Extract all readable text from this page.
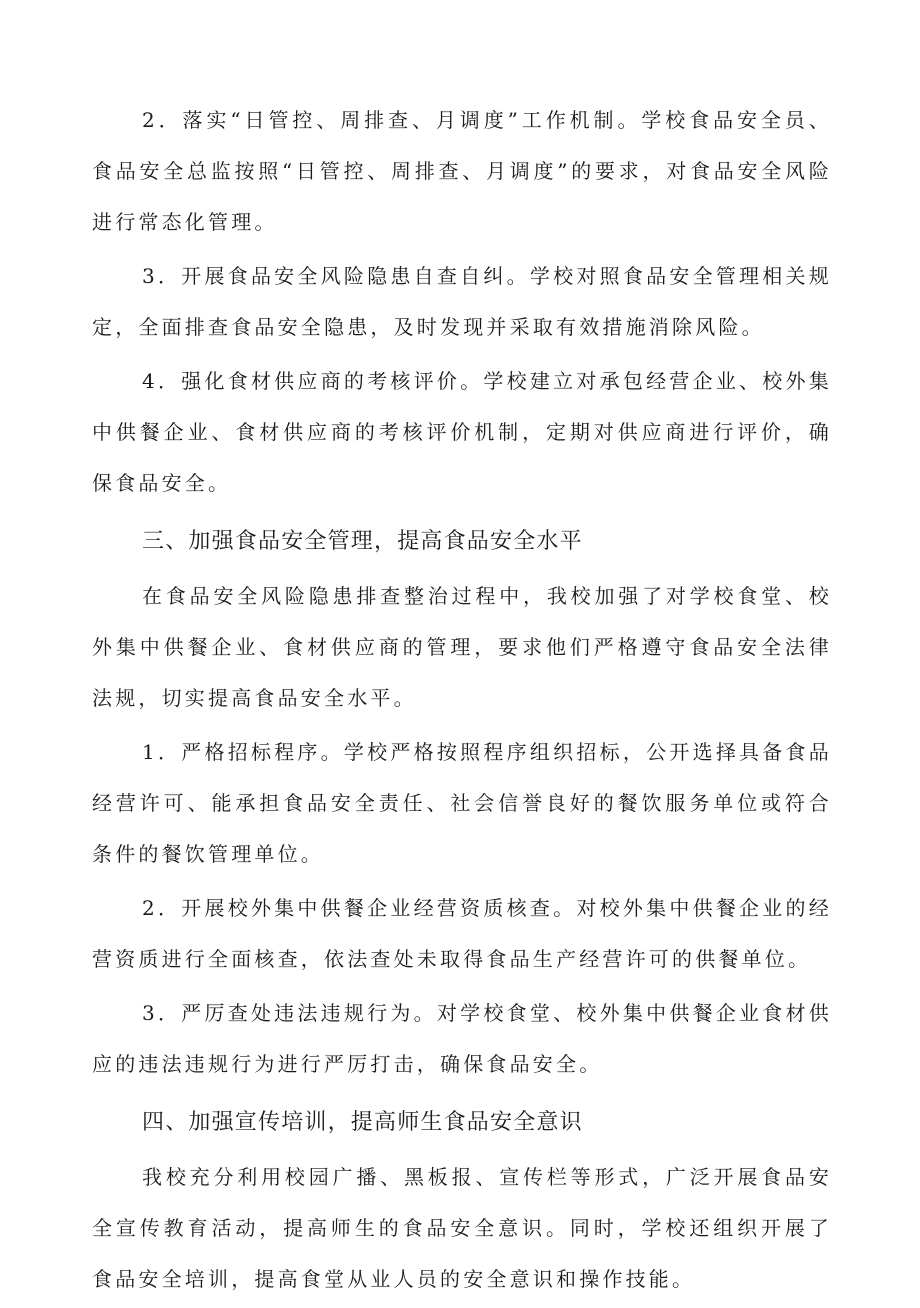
2．落实“日管控、周排查、月调度”工作机制。学校食品安全员、食品安全总监按照“日管控、周排查、月调度”的要求，对食品安全风险进行常态化管理。

3．开展食品安全风险隐患自查自纠。学校对照食品安全管理相关规定，全面排查食品安全隐患，及时发现并采取有效措施消除风险。

4．强化食材供应商的考核评价。学校建立对承包经营企业、校外集中供餐企业、食材供应商的考核评价机制，定期对供应商进行评价，确保食品安全。

三、加强食品安全管理，提高食品安全水平

在食品安全风险隐患排查整治过程中，我校加强了对学校食堂、校外集中供餐企业、食材供应商的管理，要求他们严格遵守食品安全法律法规，切实提高食品安全水平。

1．严格招标程序。学校严格按照程序组织招标，公开选择具备食品经营许可、能承担食品安全责任、社会信誉良好的餐饮服务单位或符合条件的餐饮管理单位。

2．开展校外集中供餐企业经营资质核查。对校外集中供餐企业的经营资质进行全面核查，依法查处未取得食品生产经营许可的供餐单位。

3．严厉查处违法违规行为。对学校食堂、校外集中供餐企业食材供应的违法违规行为进行严厉打击，确保食品安全。

四、加强宣传培训，提高师生食品安全意识

我校充分利用校园广播、黑板报、宣传栏等形式，广泛开展食品安全宣传教育活动，提高师生的食品安全意识。同时，学校还组织开展了食品安全培训，提高食堂从业人员的安全意识和操作技能。
